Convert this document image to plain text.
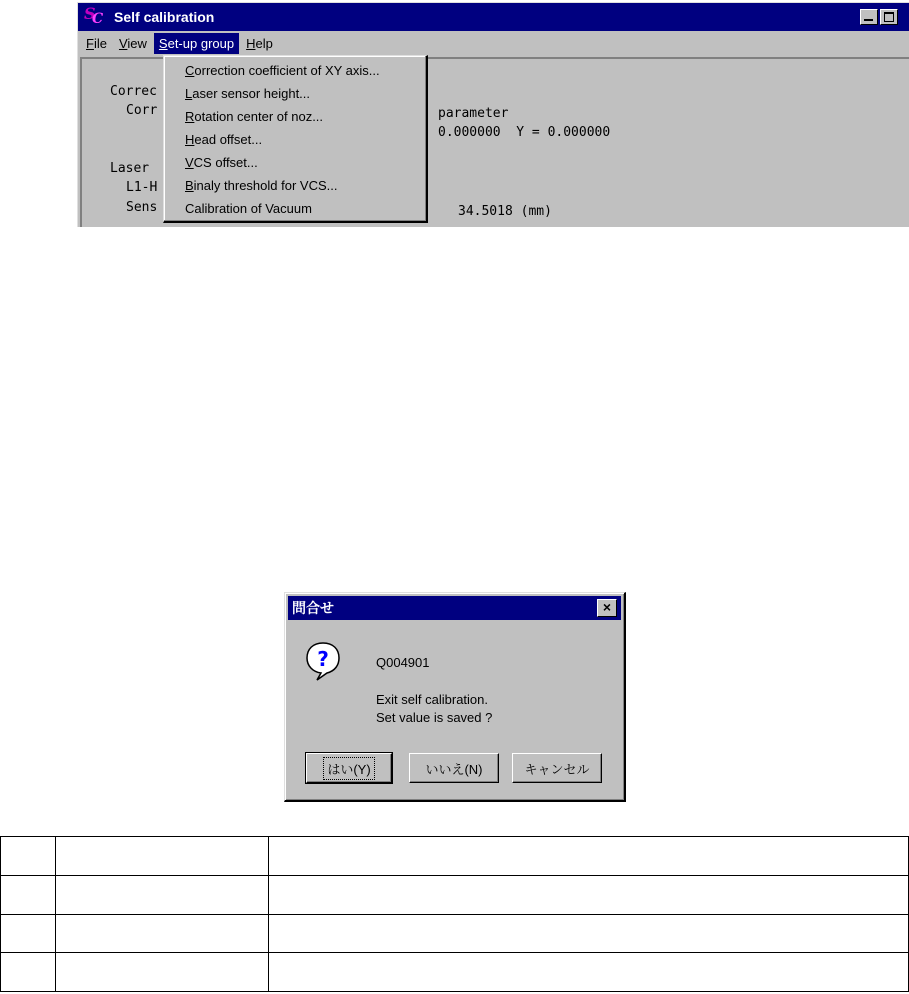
S
C Self calibration
File View Set-up group Help
Correc
Corr
Laser
L1-H
Sens
parameter
0.000000  Y = 0.000000
34.5018 (mm)
Correction coefficient of XY axis...
Laser sensor height...
Rotation center of noz...
Head offset...
VCS offset...
Binaly threshold for VCS...
Calibration of Vacuum
問合せ	×
?	Q004901
Exit self calibration.
Set value is saved ?
はい(Y)	いいえ(N)	キャンセル
